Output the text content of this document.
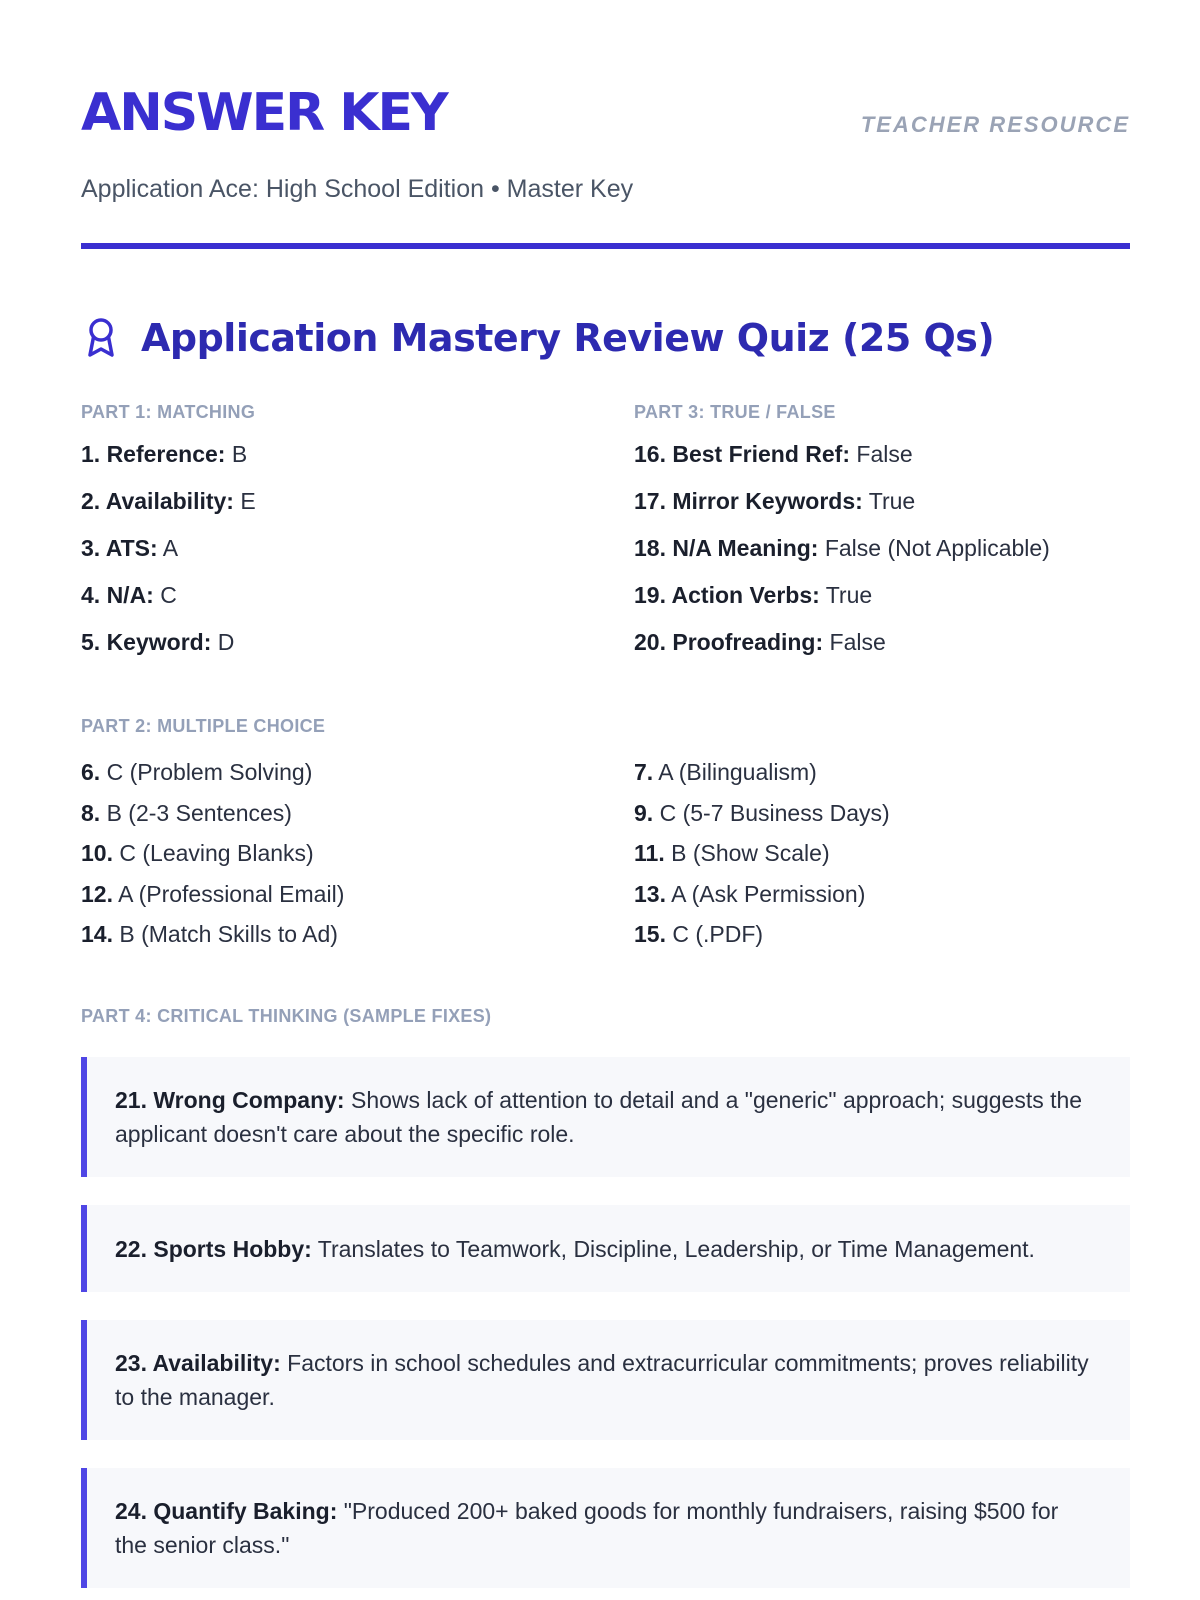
ANSWER KEY
Application Ace: High School Edition • Master Key
TEACHER RESOURCE
Application Mastery Review Quiz (25 Qs)
PART 1: MATCHING
1. Reference: B
2. Availability: E
3. ATS: A
4. N/A: C
5. Keyword: D
PART 3: TRUE / FALSE
16. Best Friend Ref: False
17. Mirror Keywords: True
18. N/A Meaning: False (Not Applicable)
19. Action Verbs: True
20. Proofreading: False
PART 2: MULTIPLE CHOICE
6. C (Problem Solving)
8. B (2-3 Sentences)
10. C (Leaving Blanks)
12. A (Professional Email)
14. B (Match Skills to Ad)
7. A (Bilingualism)
9. C (5-7 Business Days)
11. B (Show Scale)
13. A (Ask Permission)
15. C (.PDF)
PART 4: CRITICAL THINKING (SAMPLE FIXES)
21. Wrong Company: Shows lack of attention to detail and a "generic" approach; suggests the applicant doesn't care about the specific role.
22. Sports Hobby: Translates to Teamwork, Discipline, Leadership, or Time Management.
23. Availability: Factors in school schedules and extracurricular commitments; proves reliability to the manager.
24. Quantify Baking: "Produced 200+ baked goods for monthly fundraisers, raising $500 for the senior class."
